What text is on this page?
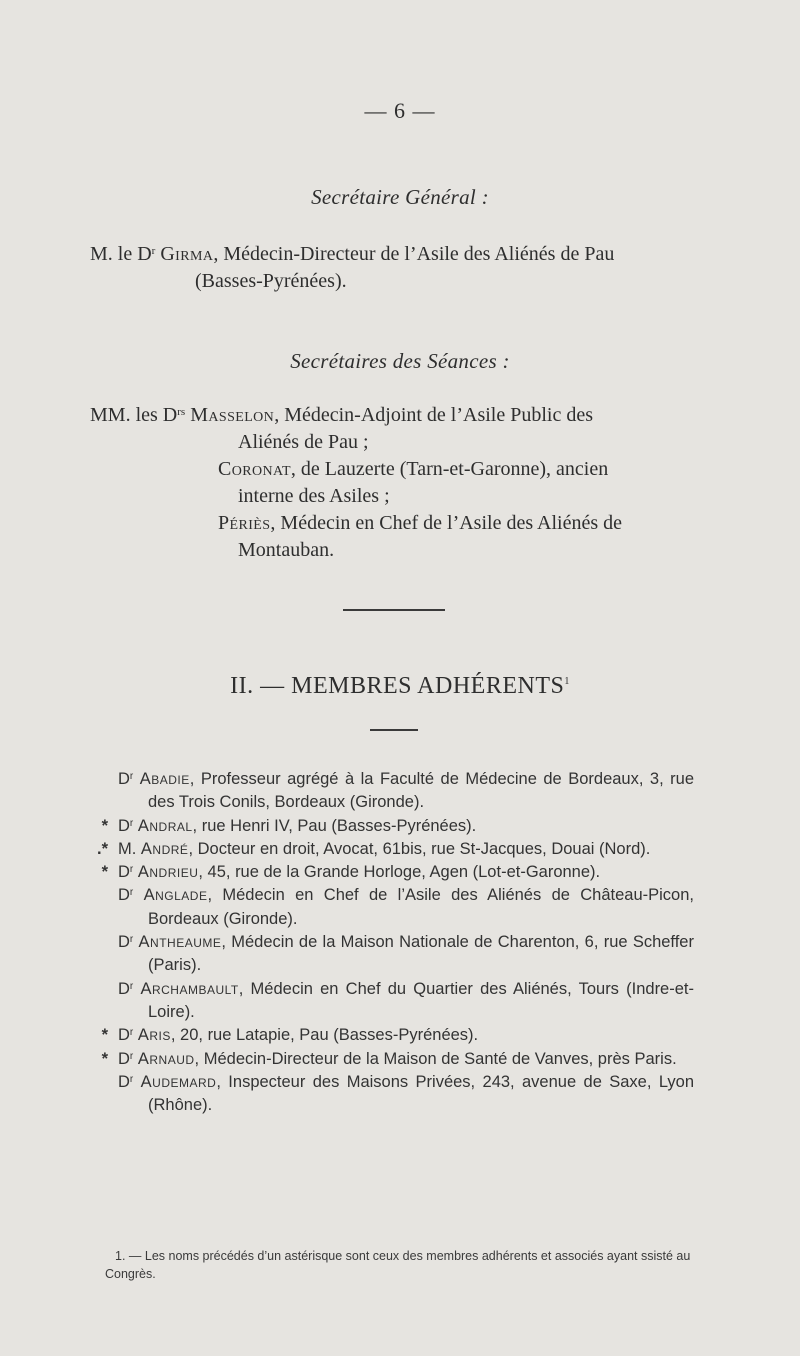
— 6 —
Secrétaire Général :
M. le $D^r$ Girma, Médecin-Directeur de l’Asile des Aliénés de Pau
(Basses-Pyrénées).
Secrétaires des Séances :
MM. les $D^{rs}$ Masselon, Médecin-Adjoint de l’Asile Public des
Aliénés de Pau ;
Coronat, de Lauzerte (Tarn-et-Garonne), ancien
interne des Asiles ;
Périès, Médecin en Chef de l’Asile des Aliénés de
Montauban.
II. — MEMBRES ADHÉRENTS$^1$
$D^r$ Abadie, Professeur agrégé à la Faculté de Médecine de Bordeaux, 3, rue des Trois Conils, Bordeaux (Gironde).
* $D^r$ Andral, rue Henri IV, Pau (Basses-Pyrénées).
.* M. André, Docteur en droit, Avocat, 61bis, rue St-Jacques, Douai (Nord).
* $D^r$ Andrieu, 45, rue de la Grande Horloge, Agen (Lot-et-Garonne).
$D^r$ Anglade, Médecin en Chef de l’Asile des Aliénés de Château-Picon, Bordeaux (Gironde).
$D^r$ Antheaume, Médecin de la Maison Nationale de Charenton, 6, rue Scheffer (Paris).
$D^r$ Archambault, Médecin en Chef du Quartier des Aliénés, Tours (Indre-et-Loire).
* $D^r$ Aris, 20, rue Latapie, Pau (Basses-Pyrénées).
* $D^r$ Arnaud, Médecin-Directeur de la Maison de Santé de Vanves, près Paris.
$D^r$ Audemard, Inspecteur des Maisons Privées, 243, avenue de Saxe, Lyon (Rhône).
1. — Les noms précédés d’un astérisque sont ceux des membres adhérents et associés ayant ssisté au Congrès.
